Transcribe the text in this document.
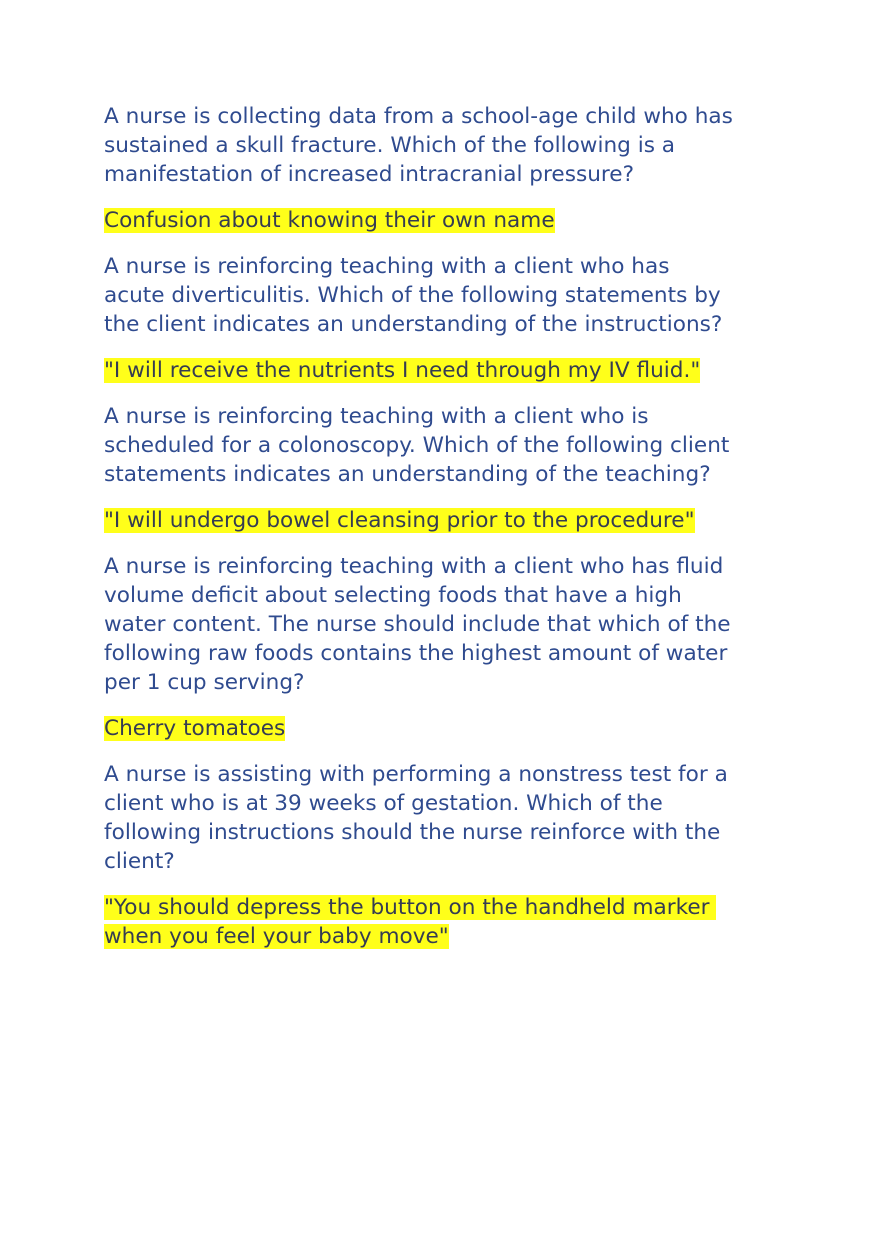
A nurse is collecting data from a school-age child who has
sustained a skull fracture. Which of the following is a
manifestation of increased intracranial pressure?
Confusion about knowing their own name
A nurse is reinforcing teaching with a client who has
acute diverticulitis. Which of the following statements by
the client indicates an understanding of the instructions?
"I will receive the nutrients I need through my IV fluid."
A nurse is reinforcing teaching with a client who is
scheduled for a colonoscopy. Which of the following client
statements indicates an understanding of the teaching?
"I will undergo bowel cleansing prior to the procedure"
A nurse is reinforcing teaching with a client who has fluid
volume deficit about selecting foods that have a high
water content. The nurse should include that which of the
following raw foods contains the highest amount of water
per 1 cup serving?
Cherry tomatoes
A nurse is assisting with performing a nonstress test for a
client who is at 39 weeks of gestation. Which of the
following instructions should the nurse reinforce with the
client?
"You should depress the button on the handheld marker
when you feel your baby move"
